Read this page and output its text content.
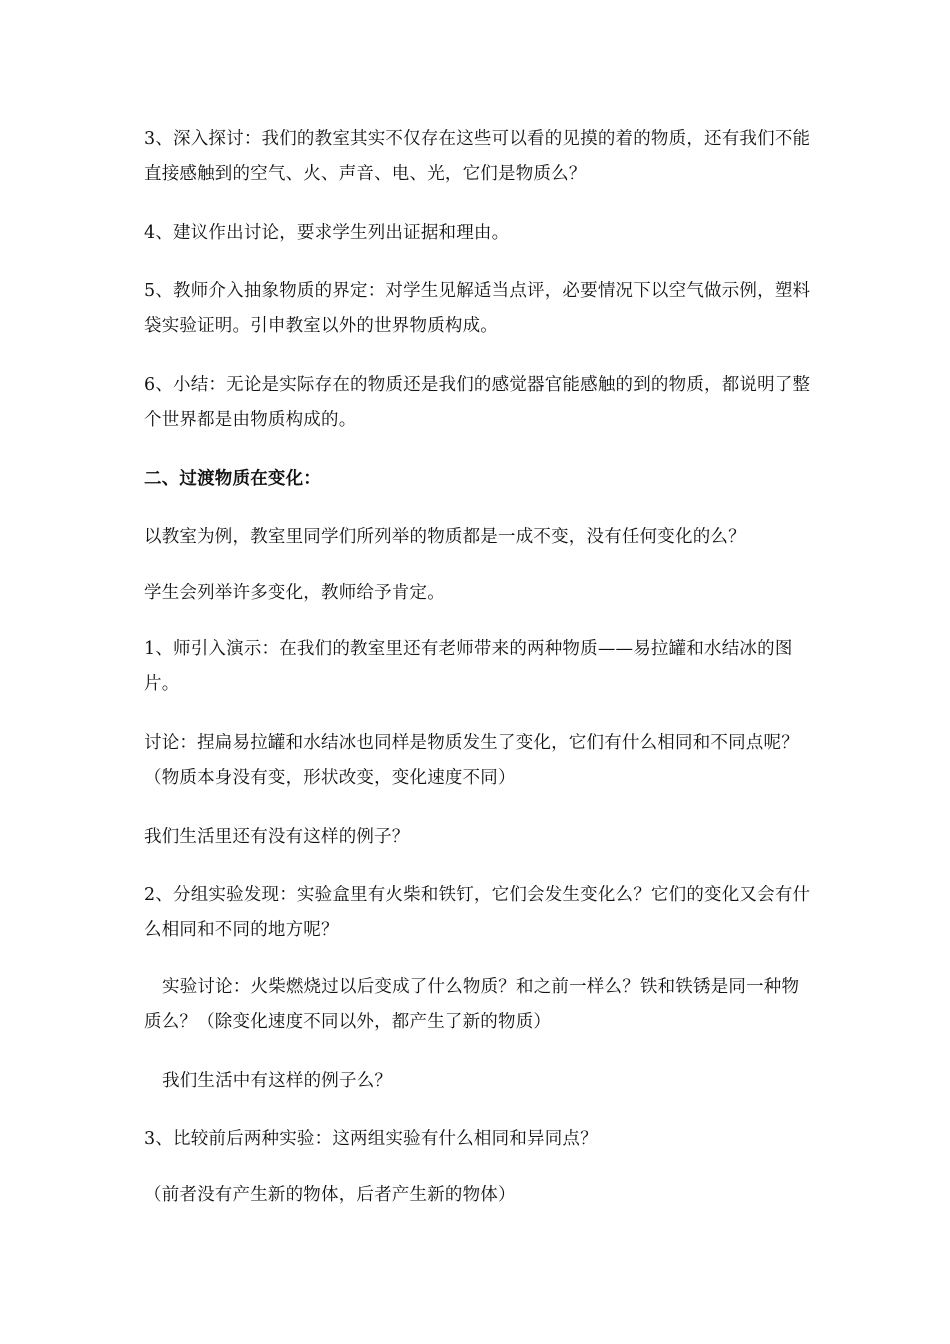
3、深入探讨：我们的教室其实不仅存在这些可以看的见摸的着的物质，还有我们不能直接感触到的空气、火、声音、电、光，它们是物质么？

4、建议作出讨论，要求学生列出证据和理由。

5、教师介入抽象物质的界定：对学生见解适当点评，必要情况下以空气做示例，塑料袋实验证明。引申教室以外的世界物质构成。

6、小结：无论是实际存在的物质还是我们的感觉器官能感触的到的物质，都说明了整个世界都是由物质构成的。

二、过渡物质在变化：

以教室为例，教室里同学们所列举的物质都是一成不变，没有任何变化的么？

学生会列举许多变化，教师给予肯定。

1、师引入演示：在我们的教室里还有老师带来的两种物质——易拉罐和水结冰的图片。

讨论：捏扁易拉罐和水结冰也同样是物质发生了变化，它们有什么相同和不同点呢？（物质本身没有变，形状改变，变化速度不同）

我们生活里还有没有这样的例子？

2、分组实验发现：实验盒里有火柴和铁钉，它们会发生变化么？它们的变化又会有什么相同和不同的地方呢？

实验讨论：火柴燃烧过以后变成了什么物质？和之前一样么？铁和铁锈是同一种物质么？（除变化速度不同以外，都产生了新的物质）

我们生活中有这样的例子么？

3、比较前后两种实验：这两组实验有什么相同和异同点？

（前者没有产生新的物体，后者产生新的物体）
